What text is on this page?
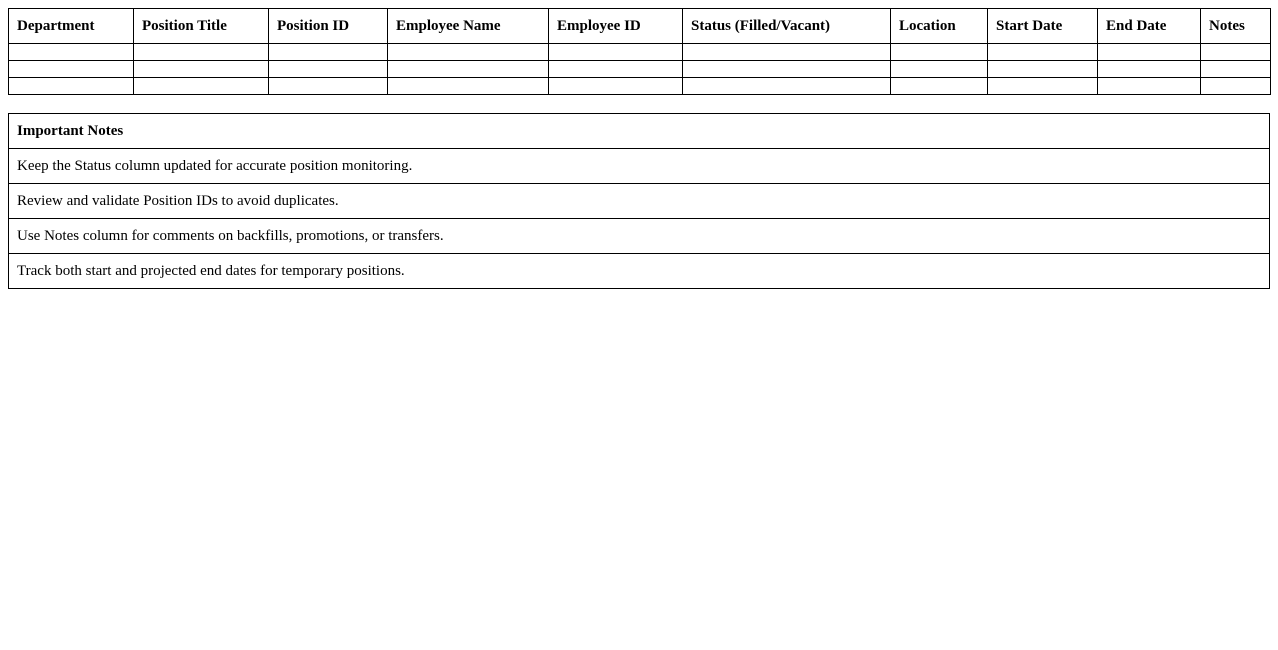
Department	Position Title	Position ID	Employee Name	Employee ID	Status (Filled/Vacant)	Location	Start Date	End Date	Notes

Important Notes
Keep the Status column updated for accurate position monitoring.
Review and validate Position IDs to avoid duplicates.
Use Notes column for comments on backfills, promotions, or transfers.
Track both start and projected end dates for temporary positions.
